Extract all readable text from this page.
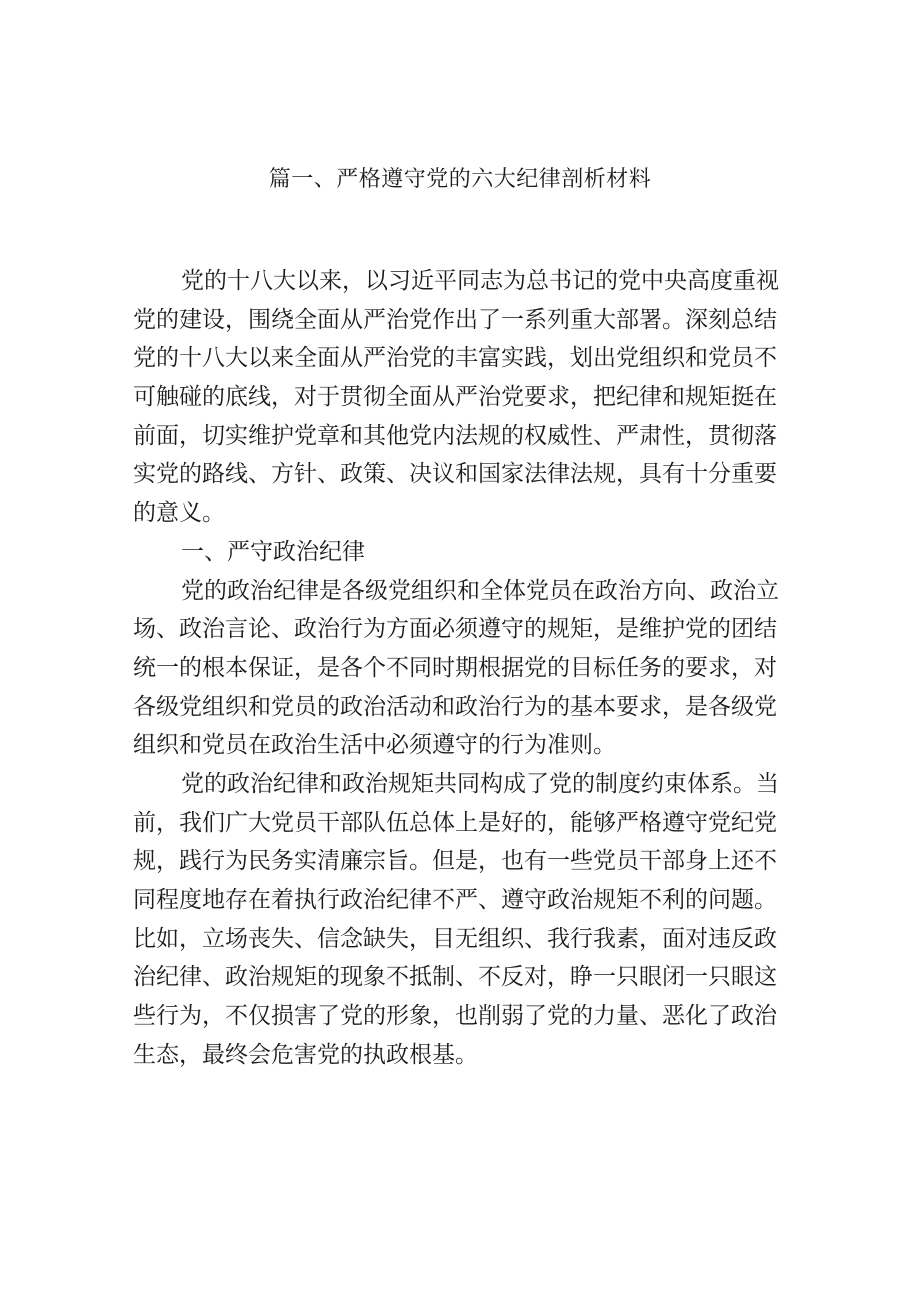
篇一、严格遵守党的六大纪律剖析材料
党的十八大以来，以习近平同志为总书记的党中央高度重视
党的建设，围绕全面从严治党作出了一系列重大部署。深刻总结
党的十八大以来全面从严治党的丰富实践，划出党组织和党员不
可触碰的底线，对于贯彻全面从严治党要求，把纪律和规矩挺在
前面，切实维护党章和其他党内法规的权威性、严肃性，贯彻落
实党的路线、方针、政策、决议和国家法律法规，具有十分重要
的意义。
一、严守政治纪律
党的政治纪律是各级党组织和全体党员在政治方向、政治立
场、政治言论、政治行为方面必须遵守的规矩，是维护党的团结
统一的根本保证，是各个不同时期根据党的目标任务的要求，对
各级党组织和党员的政治活动和政治行为的基本要求，是各级党
组织和党员在政治生活中必须遵守的行为准则。
党的政治纪律和政治规矩共同构成了党的制度约束体系。当
前，我们广大党员干部队伍总体上是好的，能够严格遵守党纪党
规，践行为民务实清廉宗旨。但是，也有一些党员干部身上还不
同程度地存在着执行政治纪律不严、遵守政治规矩不利的问题。
比如，立场丧失、信念缺失，目无组织、我行我素，面对违反政
治纪律、政治规矩的现象不抵制、不反对，睁一只眼闭一只眼这
些行为，不仅损害了党的形象，也削弱了党的力量、恶化了政治
生态，最终会危害党的执政根基。
